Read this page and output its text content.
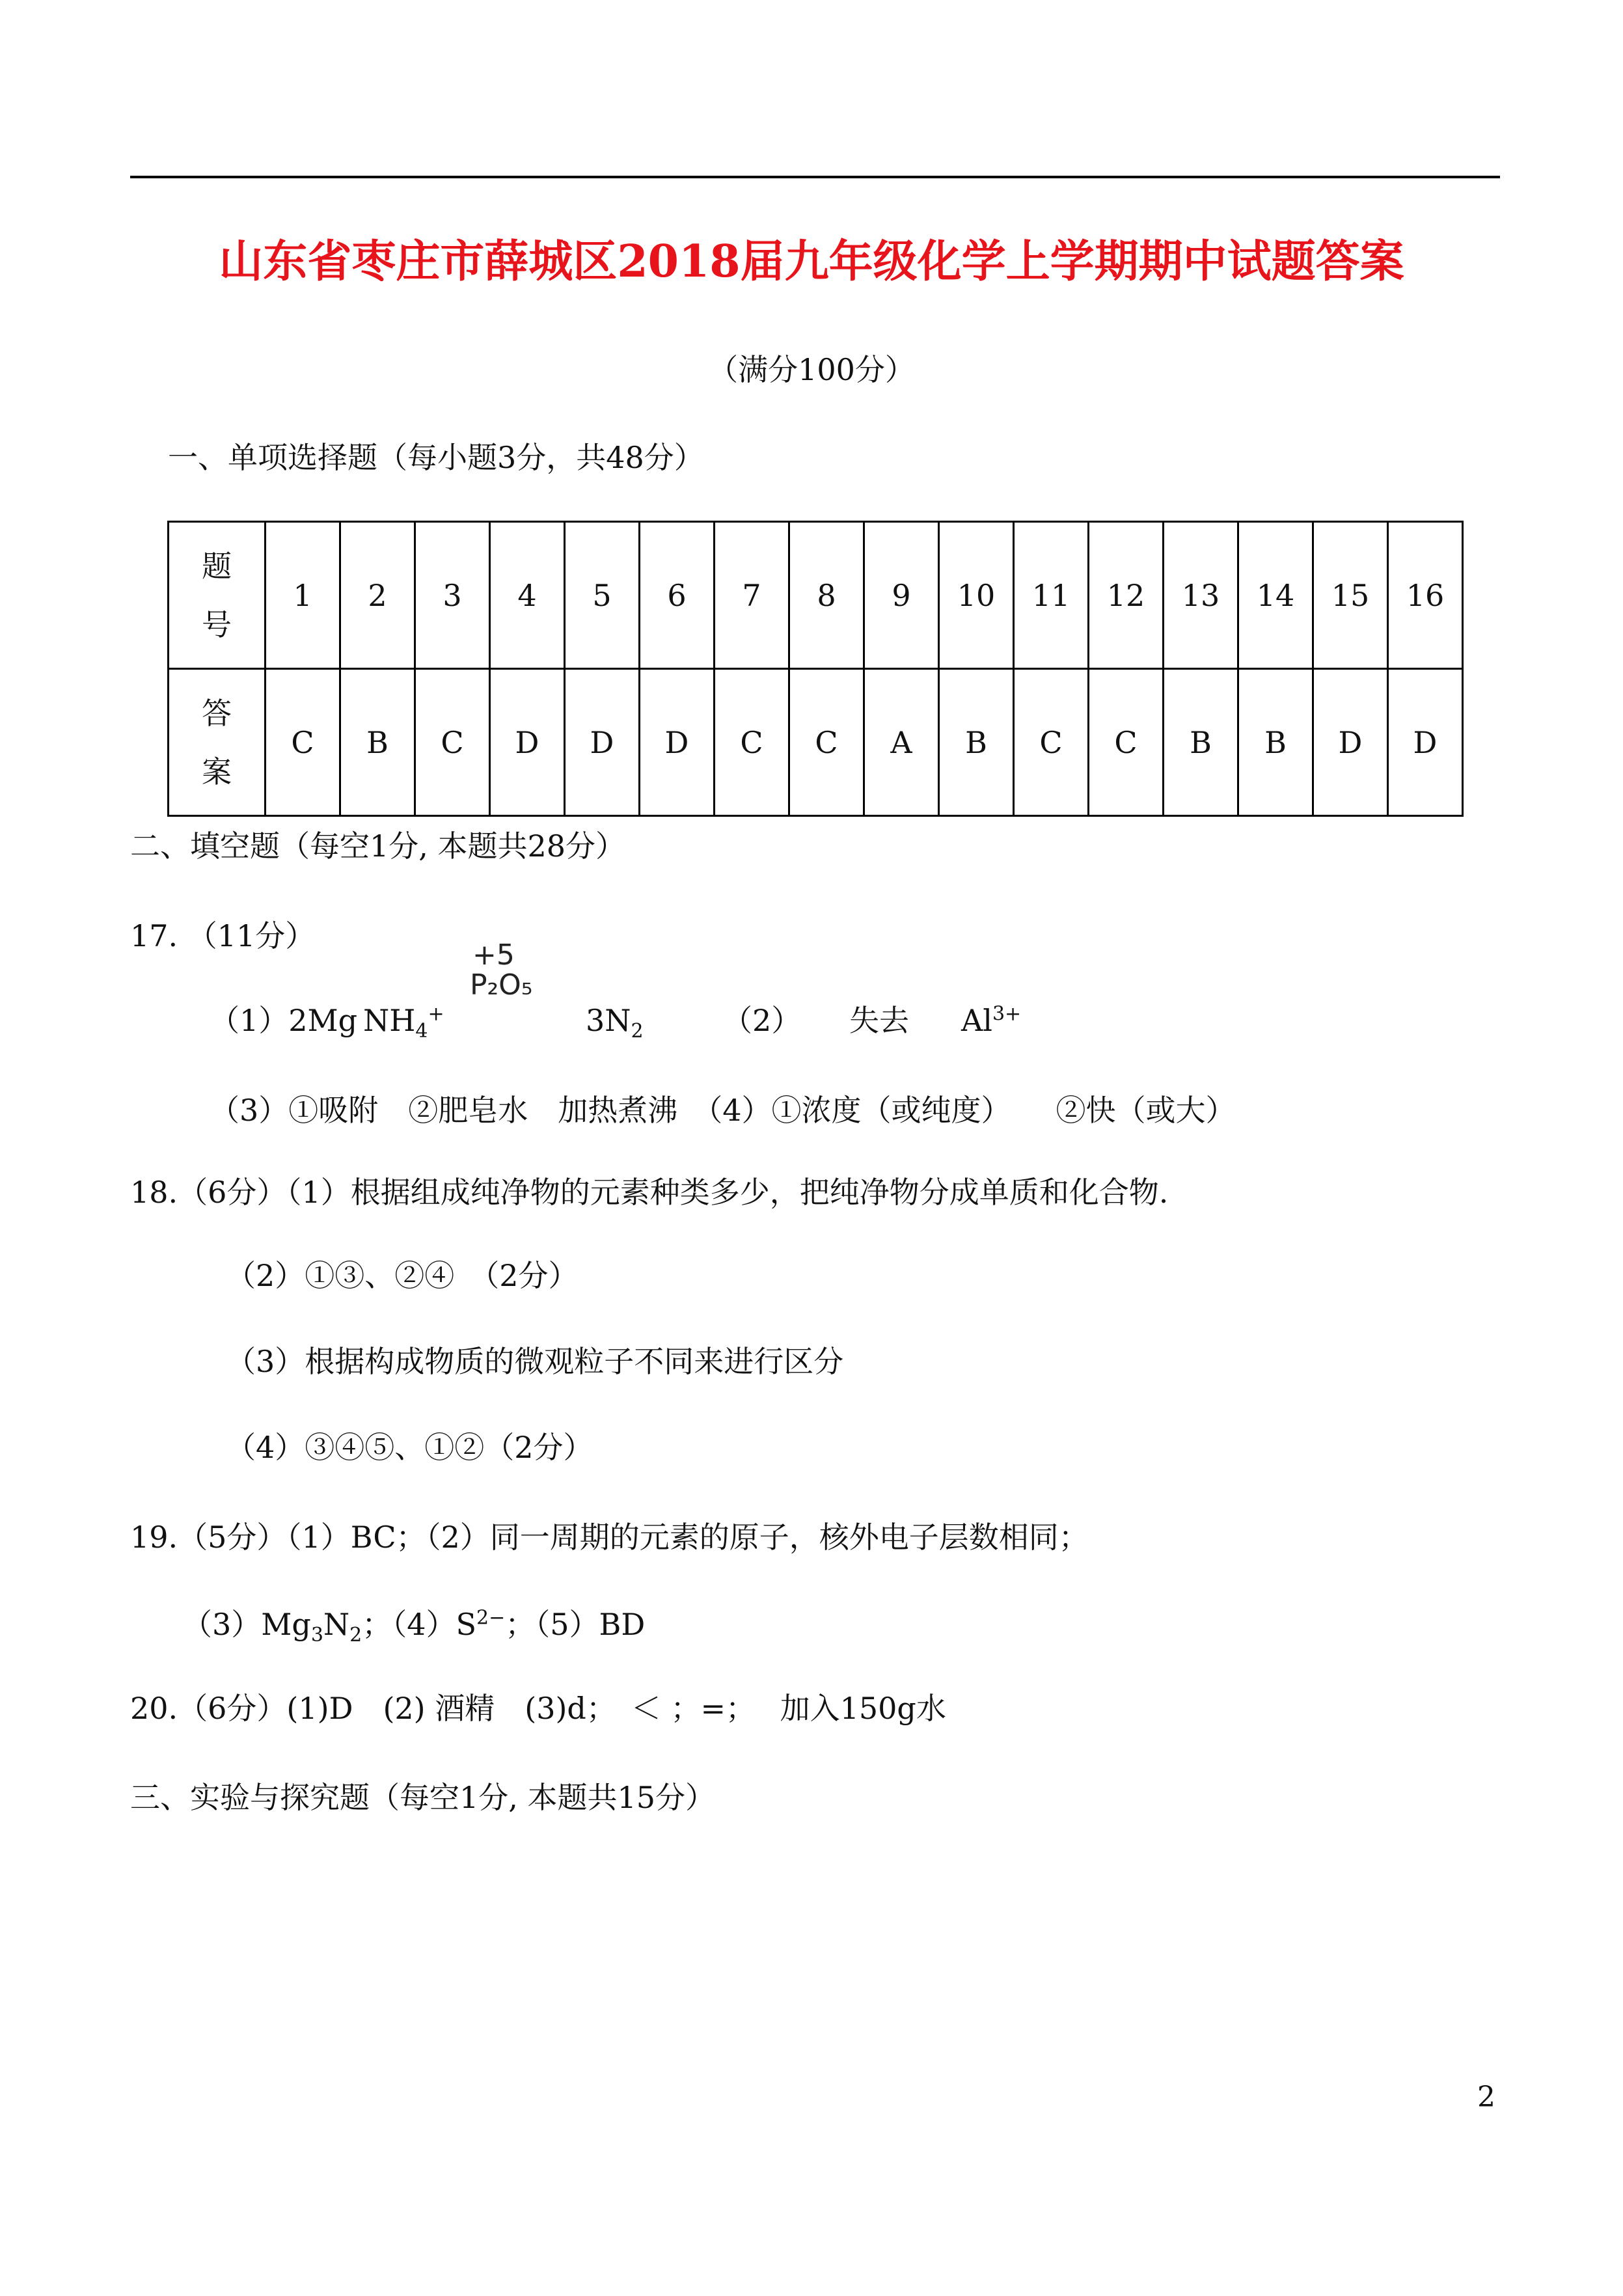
山东省枣庄市薛城区2018届九年级化学上学期期中试题答案
（满分100分）
一、单项选择题（每小题3分，共48分）
题号	1	2	3	4	5	6	7	8	9	10	11	12	13	14	15	16
答案	C	B	C	D	D	D	C	C	A	B	C	C	B	B	D	D
二、填空题（每空1分, 本题共28分）
17. （11分）
+5
P₂O₅
（1）2Mg $NH_4^+$	$3N_2$	（2） 失去 $Al^{3+}$
（3）①吸附　②肥皂水　加热煮沸　（4）①浓度（或纯度）　　②快（或大）
18.（6分）（1）根据组成纯净物的元素种类多少，把纯净物分成单质和化合物.
（2）①③、②④　（2分）
（3）根据构成物质的微观粒子不同来进行区分
（4）③④⑤、①②（2分）
19.（5分）（1）BC；（2）同一周期的元素的原子，核外电子层数相同；
$(3)Mg_3N_2$；$(4)S^{2-}$；（5）BD
20.（6分）(1)D　(2) 酒精　(3)d；　＜ ；=；　 加入150g水
三、实验与探究题（每空1分, 本题共15分）
2
